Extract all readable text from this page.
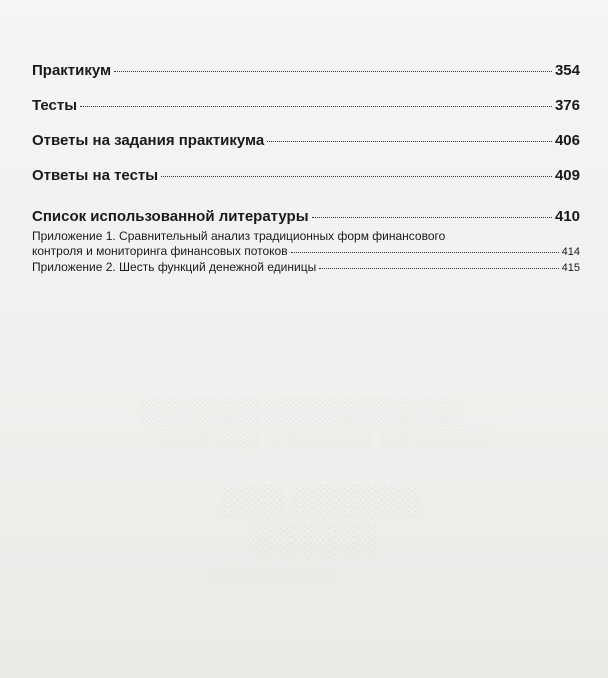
░░░░░░░ ░░░░░░░░░ ░░
░░░░░░░ ░░░░░░░ ░░░░░░░
░░░ ░░░░░░
░░░░░░
░░░░░░░░░░░░░
Практикум	354
Тесты	376
Ответы на задания практикума	406
Ответы на тесты	409
Список использованной литературы	410
Приложение 1. Сравнительный анализ традиционных форм финансового
контроля и мониторинга финансовых потоков	414
Приложение 2. Шесть функций денежной единицы	415
